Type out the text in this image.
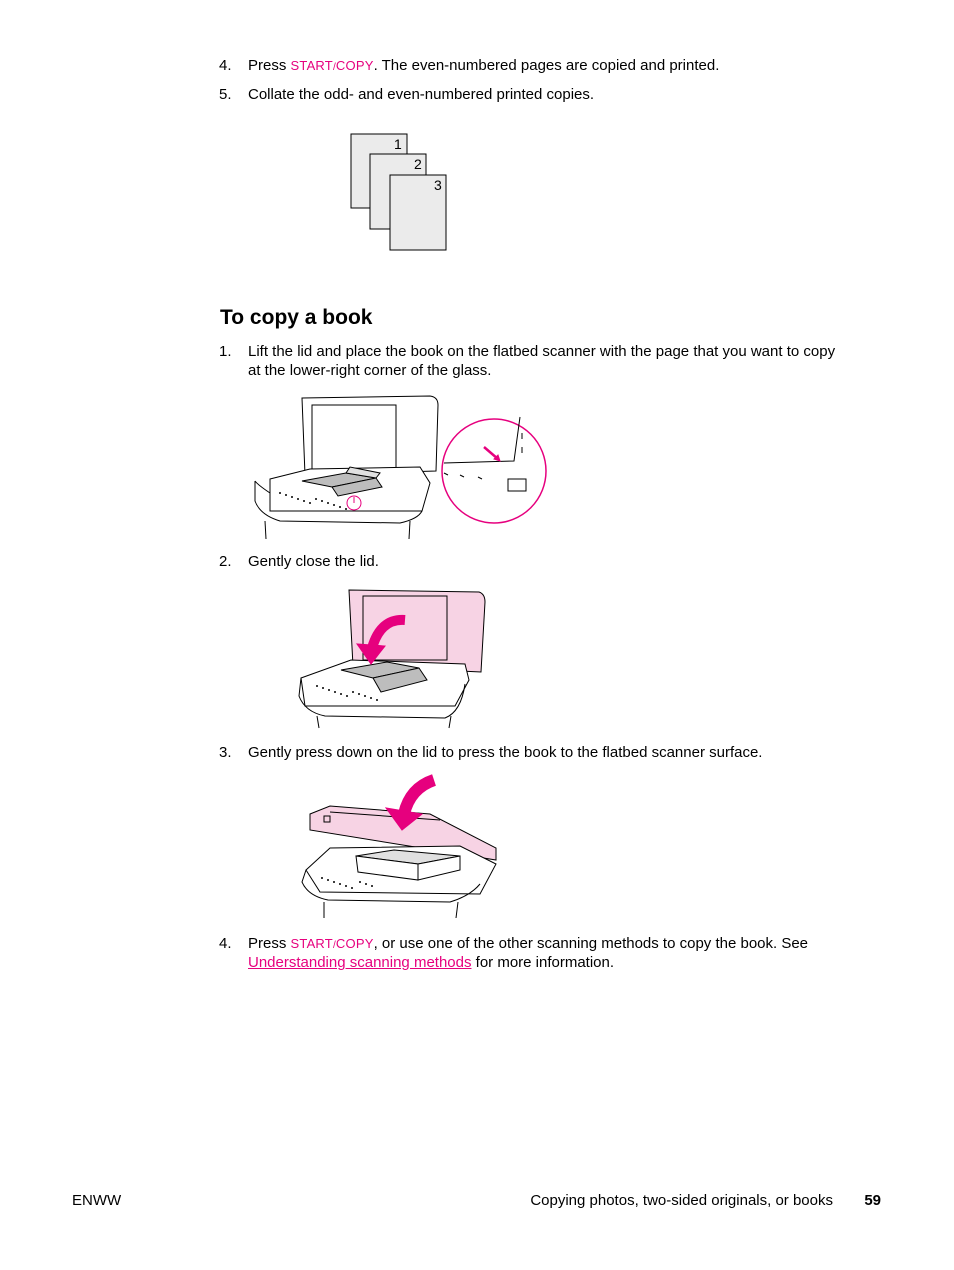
4.	Press START/COPY. The even-numbered pages are copied and printed.
5.	Collate the odd- and even-numbered printed copies.
1
2
3
To copy a book
1.	Lift the lid and place the book on the flatbed scanner with the page that you want to copy
at the lower-right corner of the glass.
2.	Gently close the lid.
3.	Gently press down on the lid to press the book to the flatbed scanner surface.
4.	Press START/COPY, or use one of the other scanning methods to copy the book. See
Understanding scanning methods for more information.
ENWW	Copying photos, two-sided originals, or books 59
